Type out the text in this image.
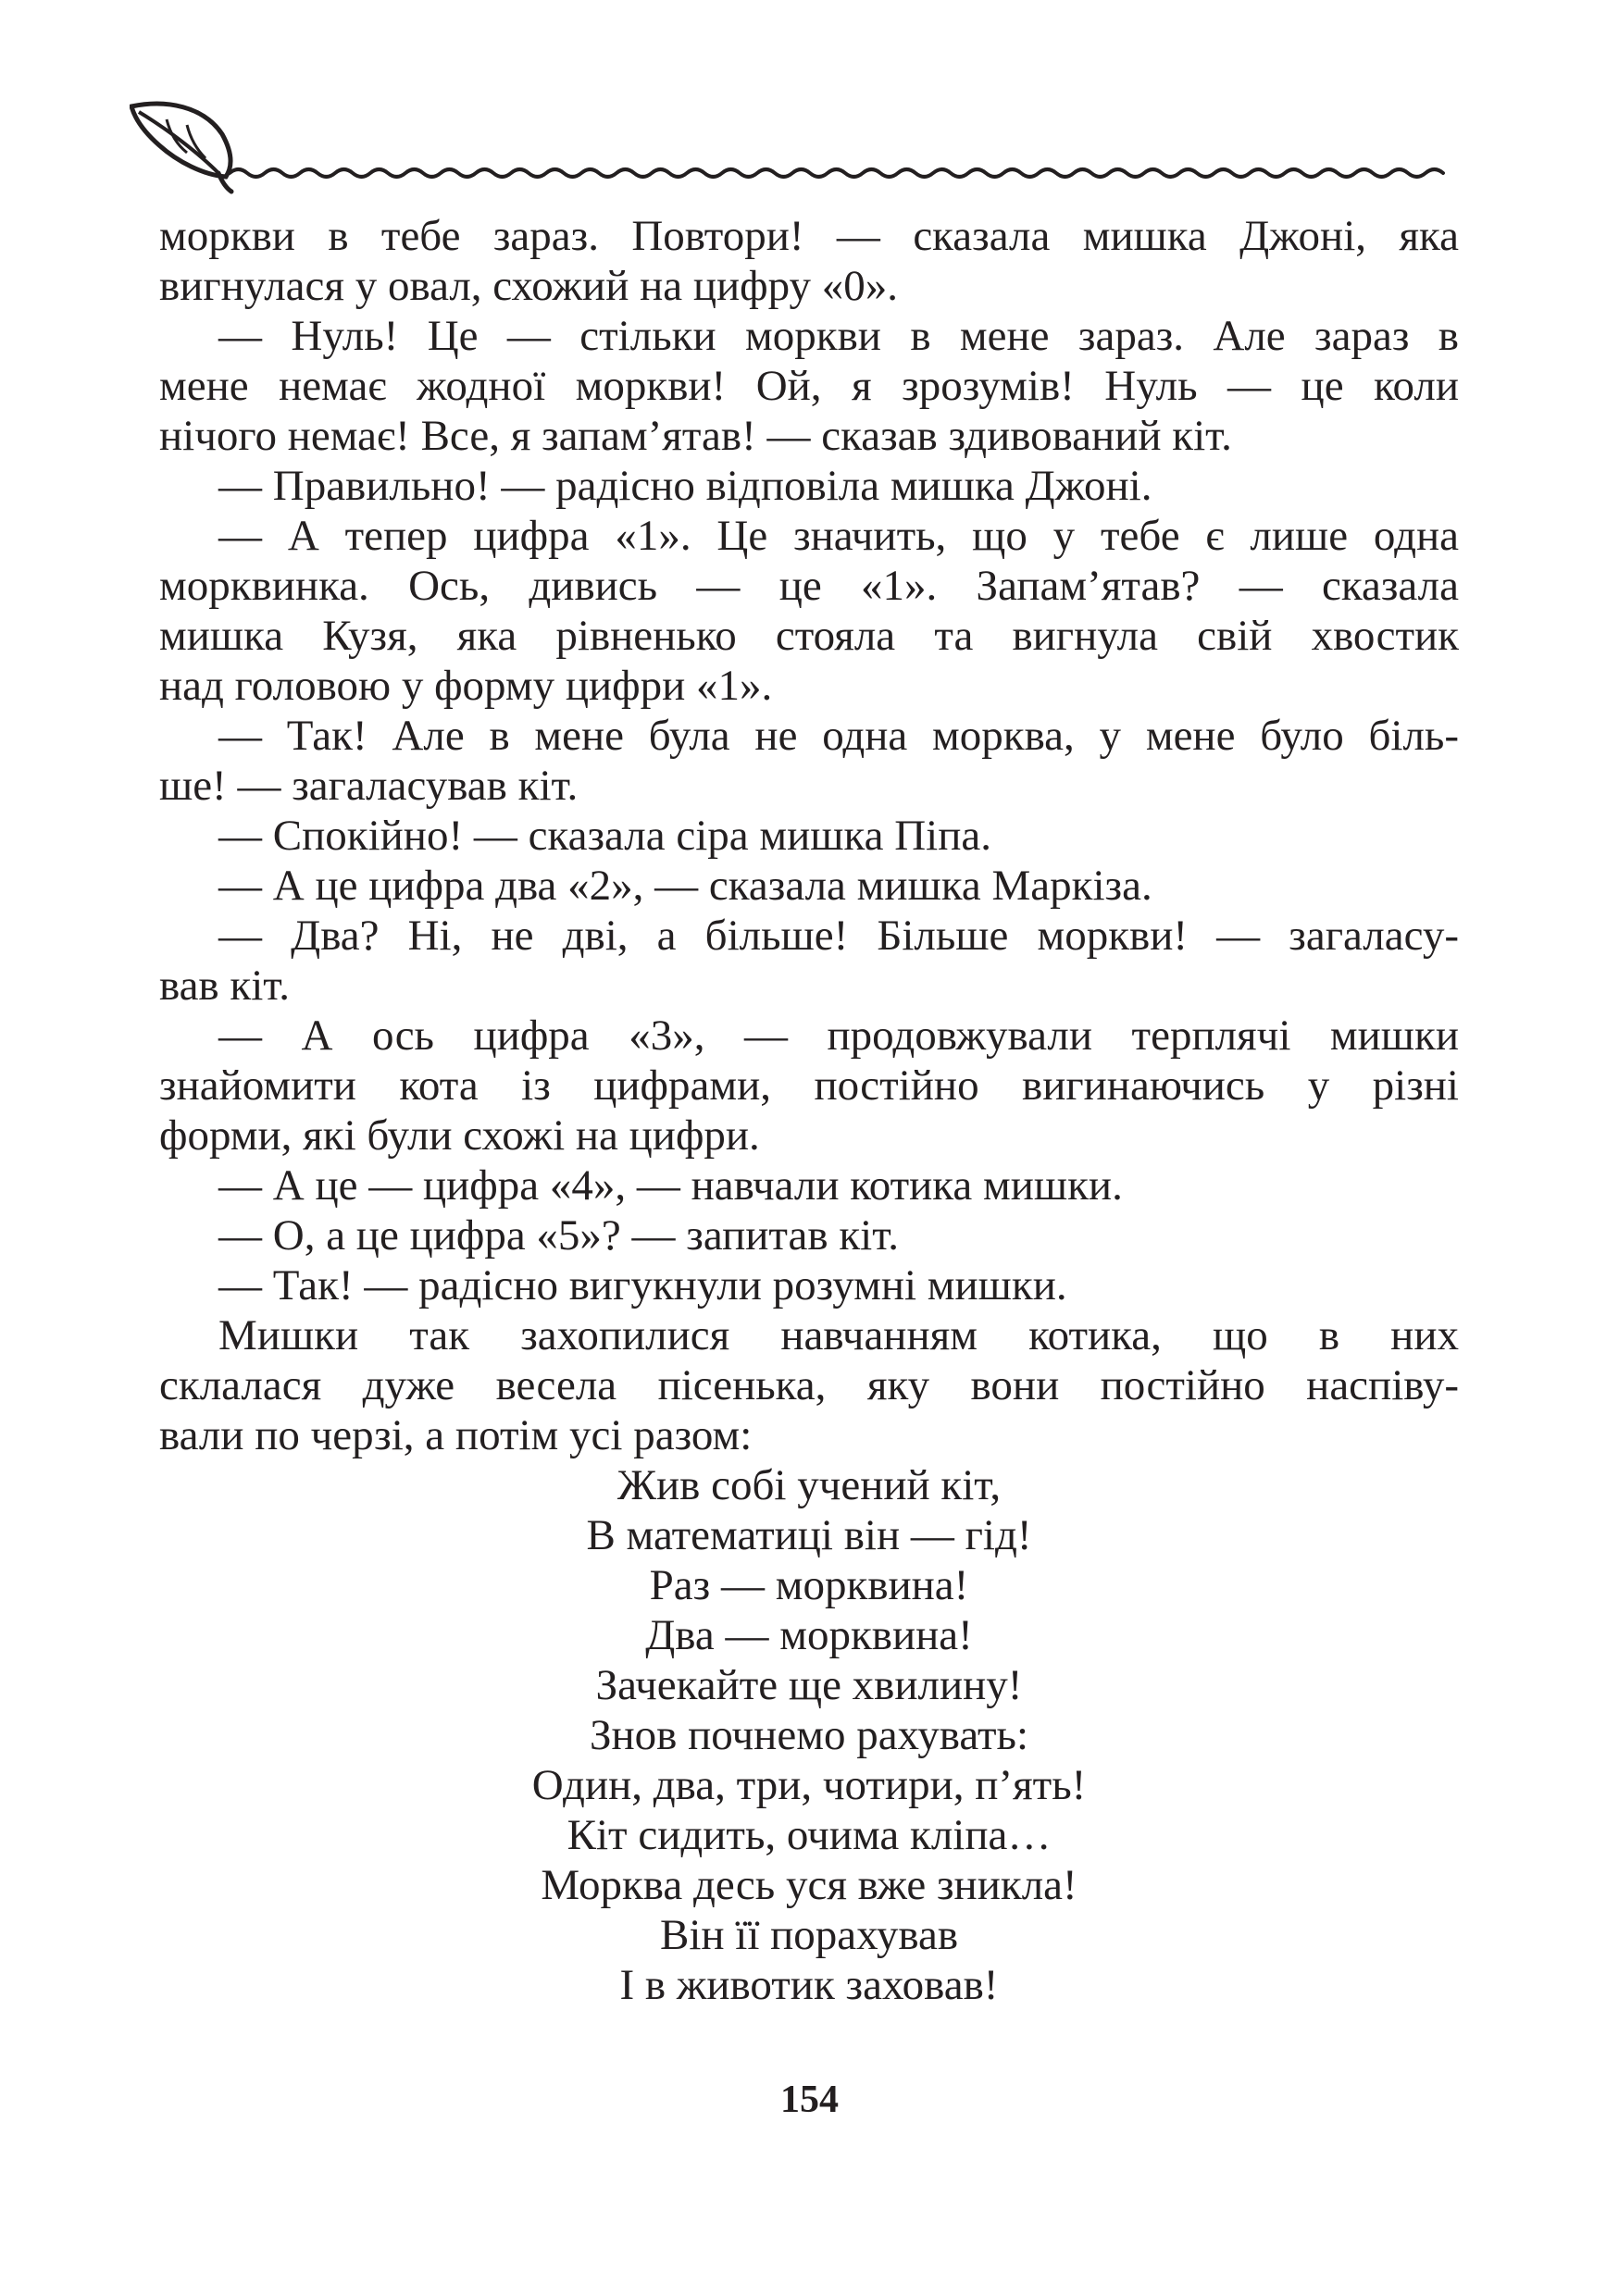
моркви в тебе зараз. Повтори! — сказала мишка Джоні, яка
вигнулася у овал, схожий на цифру «0».
— Нуль! Це — стільки моркви в мене зараз. Але зараз в
мене немає жодної моркви! Ой, я зрозумів! Нуль — це коли
нічого немає! Все, я запам’ятав! — сказав здивований кіт.
— Правильно! — радісно відповіла мишка Джоні.
— А тепер цифра «1». Це значить, що у тебе є лише одна
морквинка. Ось, дивись — це «1». Запам’ятав? — сказала
мишка Кузя, яка рівненько стояла та вигнула свій хвостик
над головою у форму цифри «1».
— Так! Але в мене була не одна морква, у мене було біль-
ше! — загаласував кіт.
— Спокійно! — сказала сіра мишка Піпа.
— А це цифра два «2», — сказала мишка Маркіза.
— Два? Ні, не дві, а більше! Більше моркви! — загаласу-
вав кіт.
— А ось цифра «3», — продовжували терплячі мишки
знайомити кота із цифрами, постійно вигинаючись у різні
форми, які були схожі на цифри.
— А це — цифра «4», — навчали котика мишки.
— О, а це цифра «5»? — запитав кіт.
— Так! — радісно вигукнули розумні мишки.
Мишки так захопилися навчанням котика, що в них
склалася дуже весела пісенька, яку вони постійно наспіву-
вали по черзі, а потім усі разом:
Жив собі учений кіт,
В математиці він — гід!
Раз — морквина!
Два — морквина!
Зачекайте ще хвилину!
Знов почнемо рахувать:
Один, два, три, чотири, п’ять!
Кіт сидить, очима кліпа…
Морква десь уся вже зникла!
Він її порахував
І в животик заховав!
154
